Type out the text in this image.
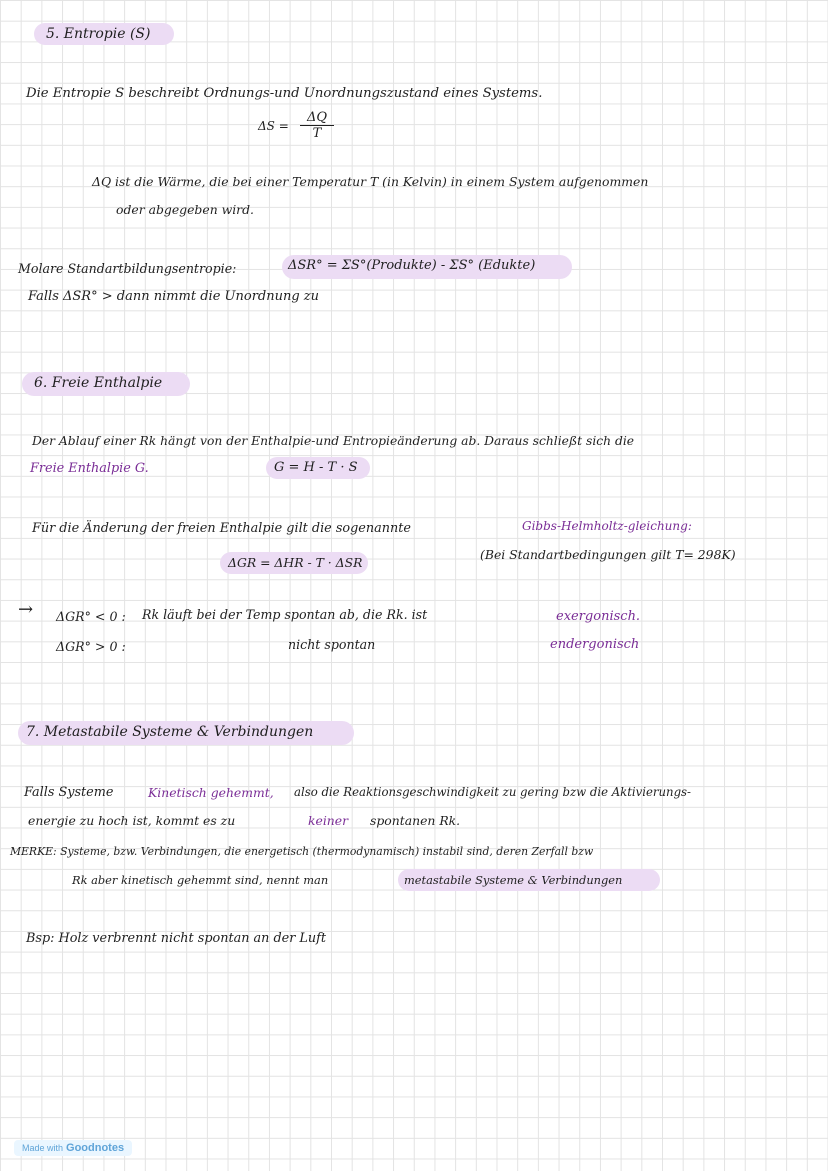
5. Entropie (S)
Die Entropie S beschreibt Ordnungs-und Unordnungszustand eines Systems.
$\Delta S = \frac{\Delta Q}{T}$
ΔQ ist die Wärme, die bei einer Temperatur T (in Kelvin) in einem System aufgenommen
oder abgegeben wird.
Molare Standartbildungsentropie:	ΔSR° = ΣS°(Produkte) - ΣS° (Edukte)
Falls ΔSR° > dann nimmt die Unordnung zu
6. Freie Enthalpie
Der Ablauf einer Rk hängt von der Enthalpie-und Entropieänderung ab. Daraus schließt sich die
Freie Enthalpie G.	G = H - T · S
Für die Änderung der freien Enthalpie gilt die sogenannte	Gibbs-Helmholtz-gleichung:
ΔGR = ΔHR - T · ΔSR
(Bei Standartbedingungen gilt T= 298K)
→ ΔGR° < 0 : Rk läuft bei der Temp spontan ab, die Rk. ist	exergonisch.
ΔGR° > 0 :	nicht spontan	endergonisch
7. Metastabile Systeme & Verbindungen
Falls Systeme	Kinetisch gehemmt, also die Reaktionsgeschwindigkeit zu gering bzw die Aktivierungs-
energie zu hoch ist, kommt es zu	keiner spontanen Rk.
MERKE: Systeme, bzw. Verbindungen, die energetisch (thermodynamisch) instabil sind, deren Zerfall bzw
Rk aber kinetisch gehemmt sind, nennt man	metastabile Systeme & Verbindungen
Bsp: Holz verbrennt nicht spontan an der Luft
Made with Goodnotes
